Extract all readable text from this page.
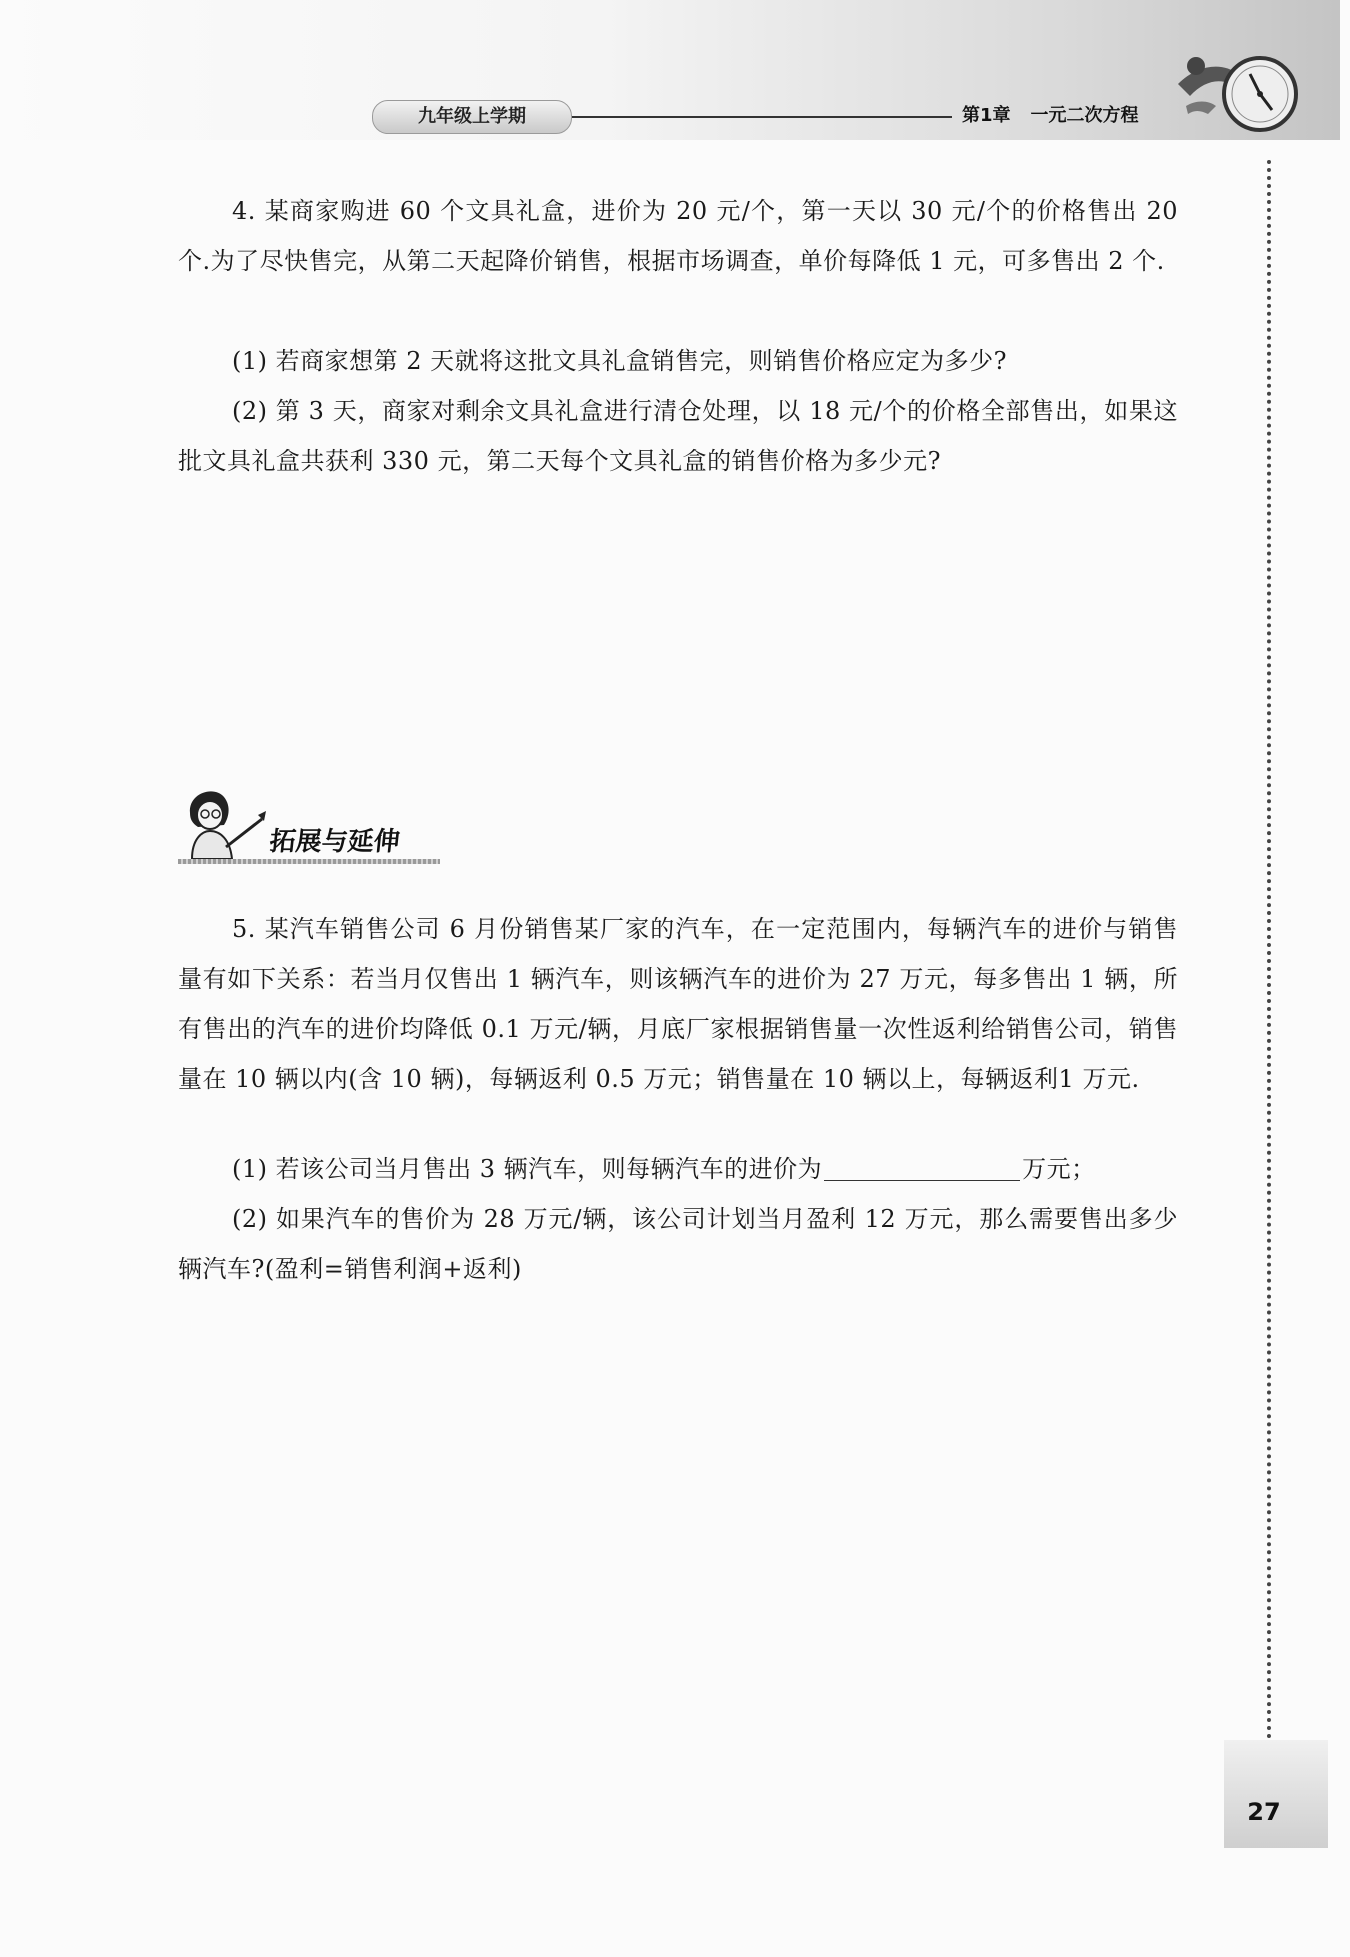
九年级上学期	第1章 一元二次方程

4. 某商家购进 60 个文具礼盒，进价为 20 元/个，第一天以 30 元/个的价格售出 20 个.为了尽快售完，从第二天起降价销售，根据市场调查，单价每降低 1 元，可多售出 2 个.

(1) 若商家想第 2 天就将这批文具礼盒销售完，则销售价格应定为多少?

(2) 第 3 天，商家对剩余文具礼盒进行清仓处理，以 18 元/个的价格全部售出，如果这批文具礼盒共获利 330 元，第二天每个文具礼盒的销售价格为多少元?

拓展与延伸

5. 某汽车销售公司 6 月份销售某厂家的汽车，在一定范围内，每辆汽车的进价与销售量有如下关系：若当月仅售出 1 辆汽车，则该辆汽车的进价为 27 万元，每多售出 1 辆，所有售出的汽车的进价均降低 0.1 万元/辆，月底厂家根据销售量一次性返利给销售公司，销售量在 10 辆以内(含 10 辆)，每辆返利 0.5 万元；销售量在 10 辆以上，每辆返利1 万元.

(1) 若该公司当月售出 3 辆汽车，则每辆汽车的进价为	万元；

(2) 如果汽车的售价为 28 万元/辆，该公司计划当月盈利 12 万元，那么需要售出多少辆汽车?(盈利=销售利润+返利)

27
